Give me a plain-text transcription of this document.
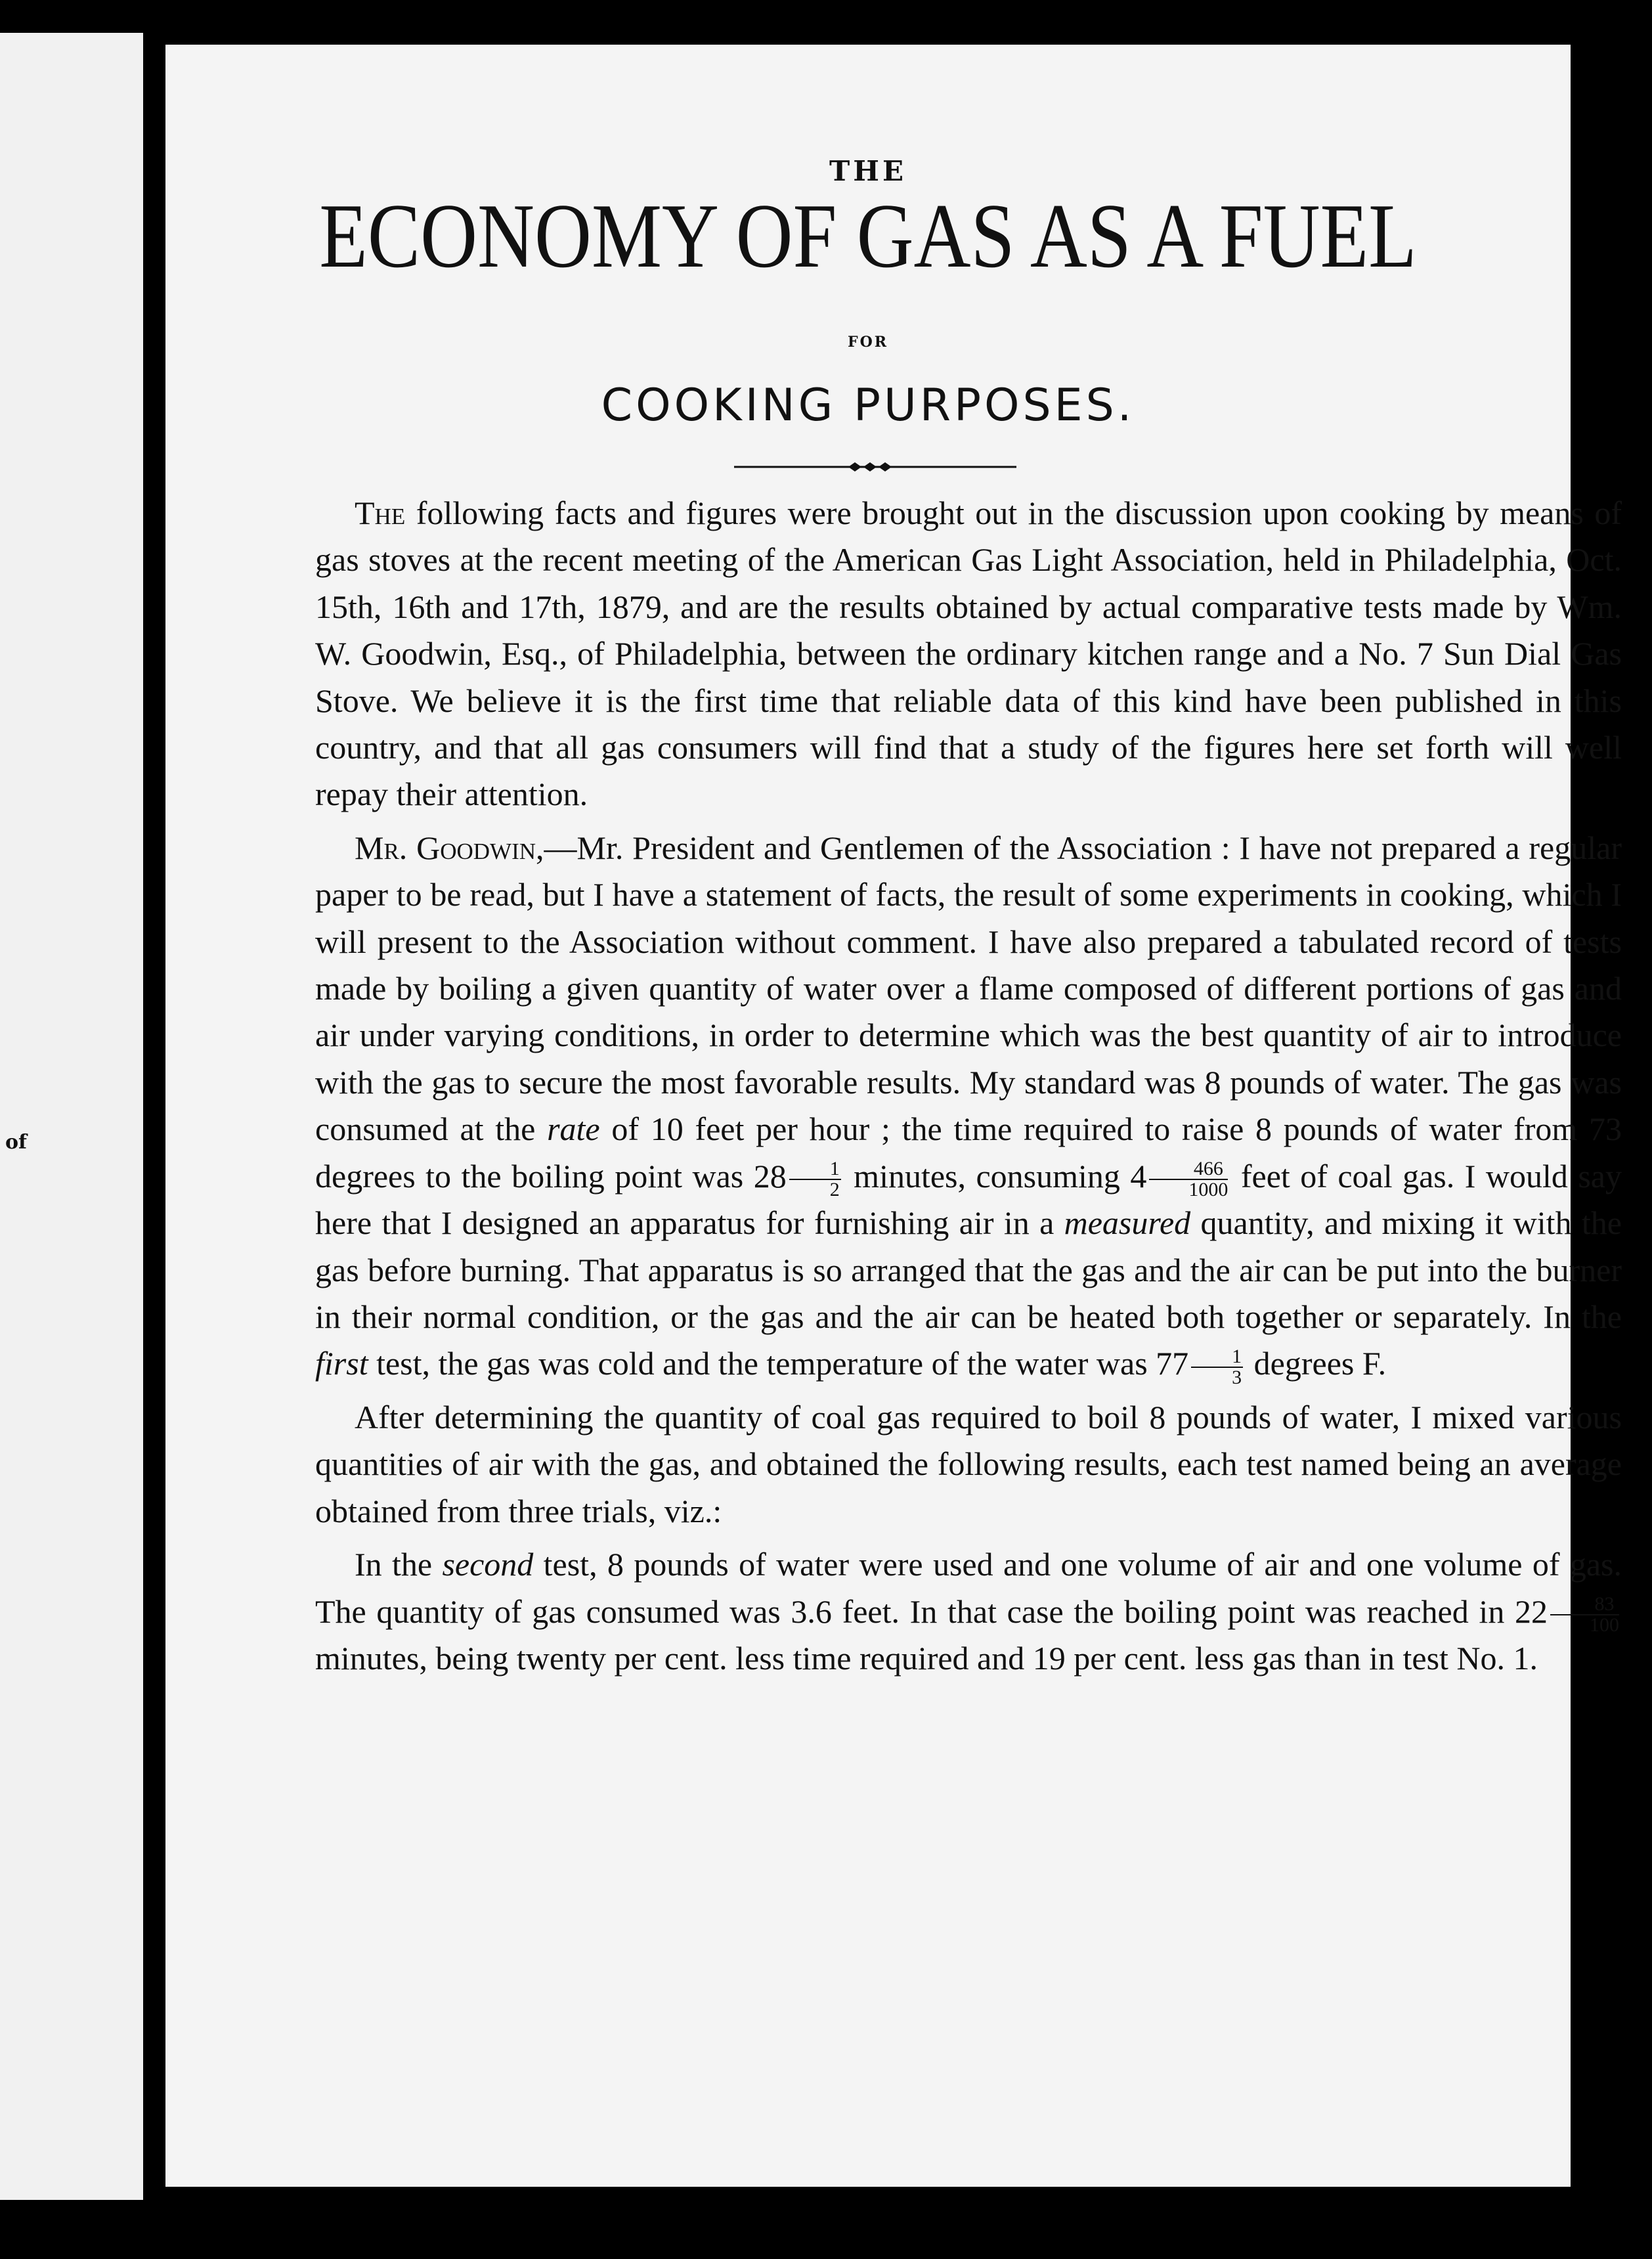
of
THE
ECONOMY OF GAS AS A FUEL
FOR
COOKING PURPOSES.

The following facts and figures were brought out in the discussion upon cooking by means of gas stoves at the recent meeting of the American Gas Light Association, held in Philadelphia, Oct. 15th, 16th and 17th, 1879, and are the results obtained by actual comparative tests made by Wm. W. Goodwin, Esq., of Philadelphia, between the ordinary kitchen range and a No. 7 Sun Dial Gas Stove. We believe it is the first time that reliable data of this kind have been published in this country, and that all gas consumers will find that a study of the figures here set forth will well repay their attention.

Mr. Goodwin,—Mr. President and Gentlemen of the Association : I have not prepared a regular paper to be read, but I have a statement of facts, the result of some experiments in cooking, which I will present to the Association without comment. I have also prepared a tabulated record of tests made by boiling a given quantity of water over a flame composed of different portions of gas and air under varying conditions, in order to determine which was the best quantity of air to introduce with the gas to secure the most favorable results. My standard was 8 pounds of water. The gas was consumed at the rate of 10 feet per hour ; the time required to raise 8 pounds of water from 73 degrees to the boiling point was $28 \frac{1}{2}$ minutes, consuming $4 \frac{466}{1000}$ feet of coal gas. I would say here that I designed an apparatus for furnishing air in a measured quantity, and mixing it with the gas before burning. That apparatus is so arranged that the gas and the air can be put into the burner in their normal condition, or the gas and the air can be heated both together or separately. In the first test, the gas was cold and the temperature of the water was $77 \frac{1}{3}$ degrees F.

After determining the quantity of coal gas required to boil 8 pounds of water, I mixed various quantities of air with the gas, and obtained the following results, each test named being an average obtained from three trials, viz.:

In the second test, 8 pounds of water were used and one volume of air and one volume of gas. The quantity of gas consumed was 3.6 feet. In that case the boiling point was reached in $22 \frac{83}{100}$
minutes, being twenty per cent. less time required and 19 per cent. less gas than in test No. 1.
